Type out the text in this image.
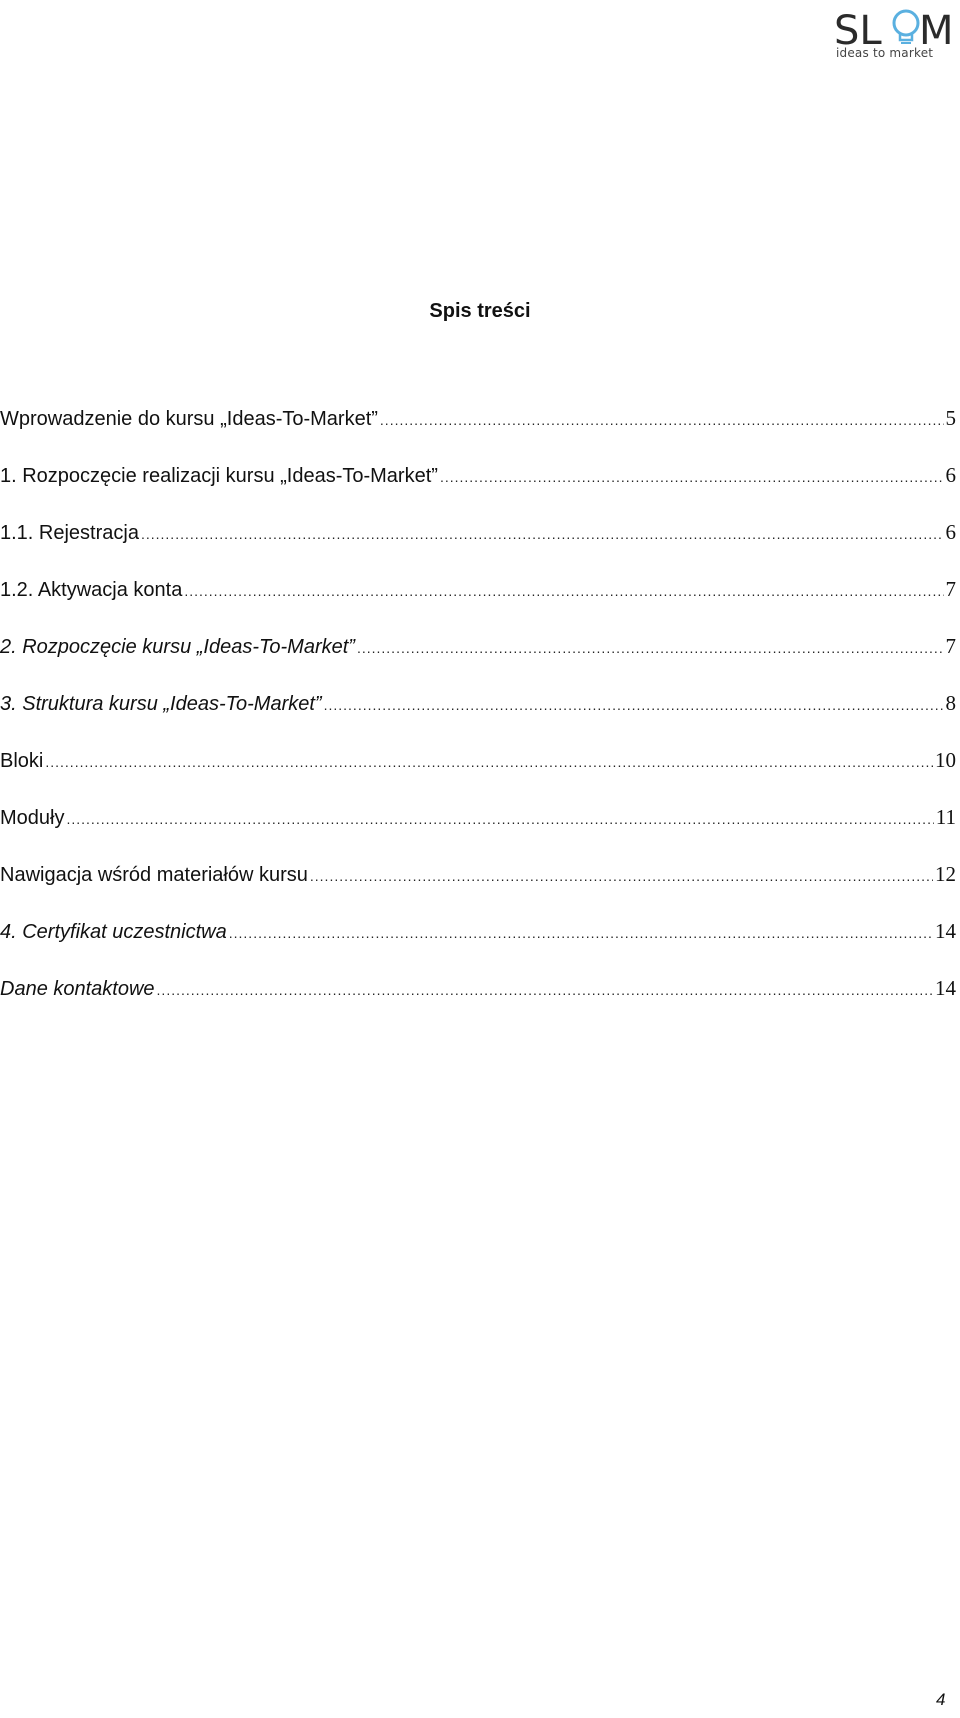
SL M
ideas to market
Spis treści
Wprowadzenie do kursu „Ideas-To-Market” .....	5
1. Rozpoczęcie realizacji kursu „Ideas-To-Market” .....	6
1.1. Rejestracja .....	6
1.2. Aktywacja konta .....	7
2. Rozpoczęcie kursu „Ideas-To-Market” .....	7
3. Struktura kursu „Ideas-To-Market” .....	8
Bloki .....	10
Moduły .....	11
Nawigacja wśród materiałów kursu .....	12
4. Certyfikat uczestnictwa .....	14
Dane kontaktowe .....	14
4
